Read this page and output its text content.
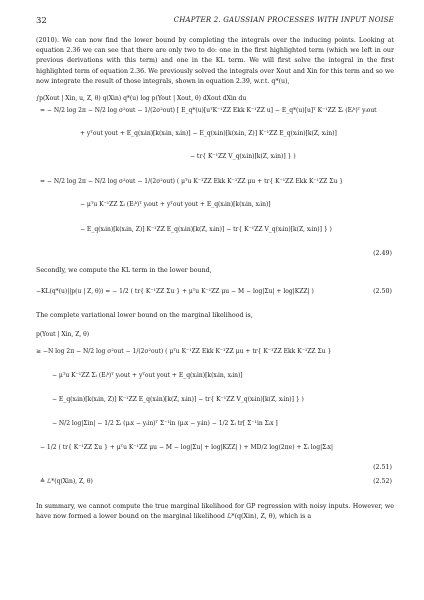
32	CHAPTER 2. GAUSSIAN PROCESSES WITH INPUT NOISE

(2010). We can now find the lower bound by completing the integrals over the inducing points. Looking at equation 2.36 we can see that there are only two to do: one in the first highlighted term (which we left in our previous derivations with this term) and one in the KL term. We will first solve the integral in the first highlighted term of equation 2.36. We previously solved the integrals over Xout and Xin for this term and so we now integrate the result of those integrals, shown in equation 2.39, w.r.t. q*(u),

∫p(Xout | Xin, u, Z, θ) q(Xin) q*(u) log p(Yout | Xout, θ) dXout dXin du

= − N/2 log 2π − N/2 log σ²out − 1/(2σ²out) [ E_q*(u)[uᵀK⁻¹ZZ Ekk K⁻¹ZZ u] − E_q*(u)[u]ᵀ K⁻¹ZZ Σᵢ (Eᵢᵏ)ᵀ yᵢout

+ yᵀout yout + E_q(xᵢin)[k(xᵢin, xᵢin)] − E_q(xᵢin)[k(xᵢin, Z)] K⁻¹ZZ E_q(xᵢin)[k(Z, xᵢin)]

− tr{ K⁻¹ZZ V_q(xᵢin)[k(Z, xᵢin)] } )

= − N/2 log 2π − N/2 log σ²out − 1/(2σ²out) ( μᵀu K⁻¹ZZ Ekk K⁻¹ZZ μu + tr{ K⁻¹ZZ Ekk K⁻¹ZZ Σu }

− μᵀu K⁻¹ZZ Σᵢ (Eᵢᵏ)ᵀ yᵢout + yᵀout yout + E_q(xᵢin)[k(xᵢin, xᵢin)]

− E_q(xᵢin)[k(xᵢin, Z)] K⁻¹ZZ E_q(xᵢin)[k(Z, xᵢin)] − tr{ K⁻¹ZZ V_q(xᵢin)[k(Z, xᵢin)] } )

(2.49)

Secondly, we compute the KL term in the lower bound,

−KL(q*(u)||p(u | Z, θ)) = − 1/2 ( tr{ K⁻¹ZZ Σu } + μᵀu K⁻¹ZZ μu − M − log|Σu| + log|KZZ| )	(2.50)

The complete variational lower bound on the marginal likelihood is,

p(Yout | Xin, Z, θ)

≥ −N log 2π − N/2 log σ²out − 1/(2σ²out) ( μᵀu K⁻¹ZZ Ekk K⁻¹ZZ μu + tr{ K⁻¹ZZ Ekk K⁻¹ZZ Σu }

− μᵀu K⁻¹ZZ Σᵢ (Eᵢᵏ)ᵀ yᵢout + yᵀout yout + E_q(xᵢin)[k(xᵢin, xᵢin)]

− E_q(xᵢin)[k(xᵢin, Z)] K⁻¹ZZ E_q(xᵢin)[k(Z, xᵢin)] − tr{ K⁻¹ZZ V_q(xᵢin)[k(Z, xᵢin)] } )

− N/2 log|Σin| − 1/2 Σᵢ (μᵢx − yᵢin)ᵀ Σ⁻¹in (μᵢx − yᵢin) − 1/2 Σᵢ tr[ Σ⁻¹in Σᵢx ]

− 1/2 ( tr{ K⁻¹ZZ Σu } + μᵀu K⁻¹ZZ μu − M − log|Σu| + log|KZZ| ) + MD/2 log(2πe) + Σᵢ log|Σᵢx|

(2.51)

≜ ℒ*(q(Xin), Z, θ)	(2.52)

In summary, we cannot compute the true marginal likelihood for GP regression with noisy inputs. However, we have now formed a lower bound on the marginal likelihood ℒ*(q(Xin), Z, θ), which is a
